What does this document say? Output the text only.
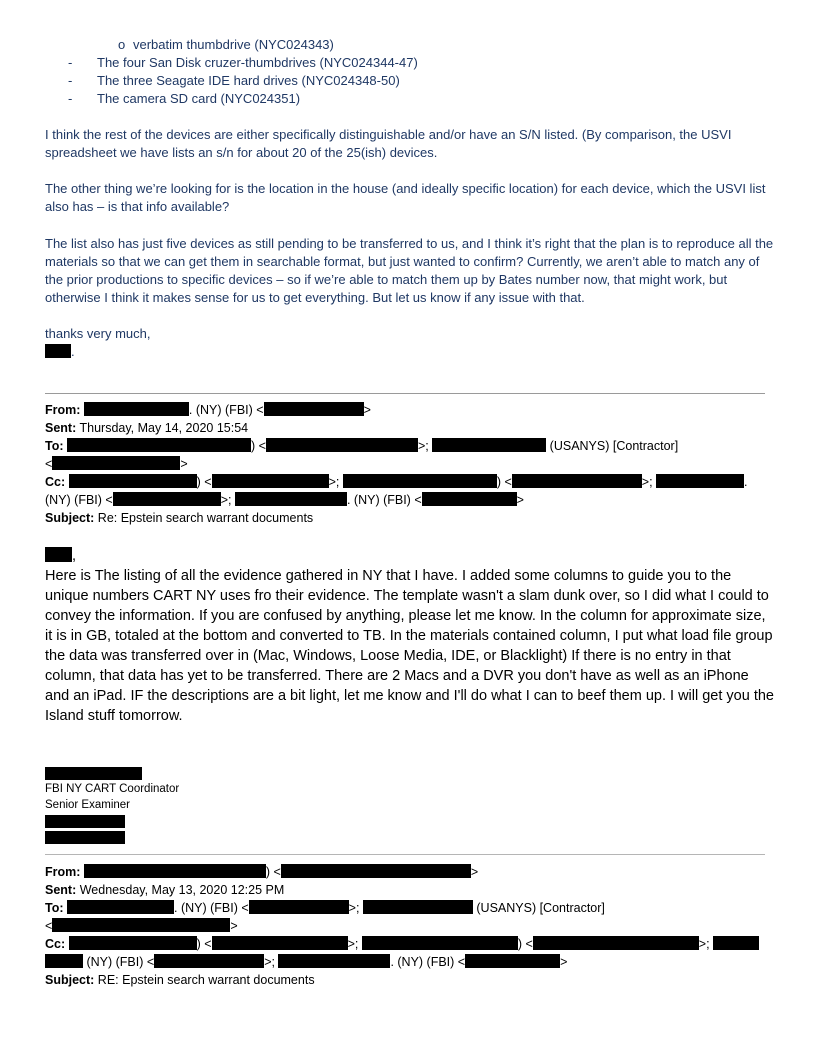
o verbatim thumbdrive (NYC024343)
- The four San Disk cruzer-thumbdrives (NYC024344-47)
- The three Seagate IDE hard drives (NYC024348-50)
- The camera SD card (NYC024351)
I think the rest of the devices are either specifically distinguishable and/or have an S/N listed. (By comparison, the USVI spreadsheet we have lists an s/n for about 20 of the 25(ish) devices.
The other thing we’re looking for is the location in the house (and ideally specific location) for each device, which the USVI list also has – is that info available?
The list also has just five devices as still pending to be transferred to us, and I think it’s right that the plan is to reproduce all the materials so that we can get them in searchable format, but just wanted to confirm? Currently, we aren’t able to match any of the prior productions to specific devices – so if we’re able to match them up by Bates number now, that might work, but otherwise I think it makes sense for us to get everything. But let us know if any issue with that.
thanks very much,
.
From:	. (NY) (FBI) <	>
Sent: Thursday, May 14, 2020 15:54
To:	) <	>;	(USANYS) [Contractor]
<	>
Cc:	) <	>;	) <	>;	.
(NY) (FBI) <	>;	. (NY) (FBI) <	>
Subject: Re: Epstein search warrant documents
,
Here is The listing of all the evidence gathered in NY that I have. I added some columns to guide you to the unique numbers CART NY uses fro their evidence. The template wasn't a slam dunk over, so I did what I could to convey the information. If you are confused by anything, please let me know. In the column for approximate size, it is in GB, totaled at the bottom and converted to TB. In the materials contained column, I put what load file group the data was transferred over in (Mac, Windows, Loose Media, IDE, or Blacklight) If there is no entry in that column, that data has yet to be transferred. There are 2 Macs and a DVR you don't have as well as an iPhone and an iPad. IF the descriptions are a bit light, let me know and I'll do what I can to beef them up. I will get you the Island stuff tomorrow.
FBI NY CART Coordinator
Senior Examiner
From:	) <	>
Sent: Wednesday, May 13, 2020 12:25 PM
To:	. (NY) (FBI) <	>;	(USANYS) [Contractor]
<	>
Cc:	) <	>;	) <	>;
(NY) (FBI) <	>;	. (NY) (FBI) <	>
Subject: RE: Epstein search warrant documents
